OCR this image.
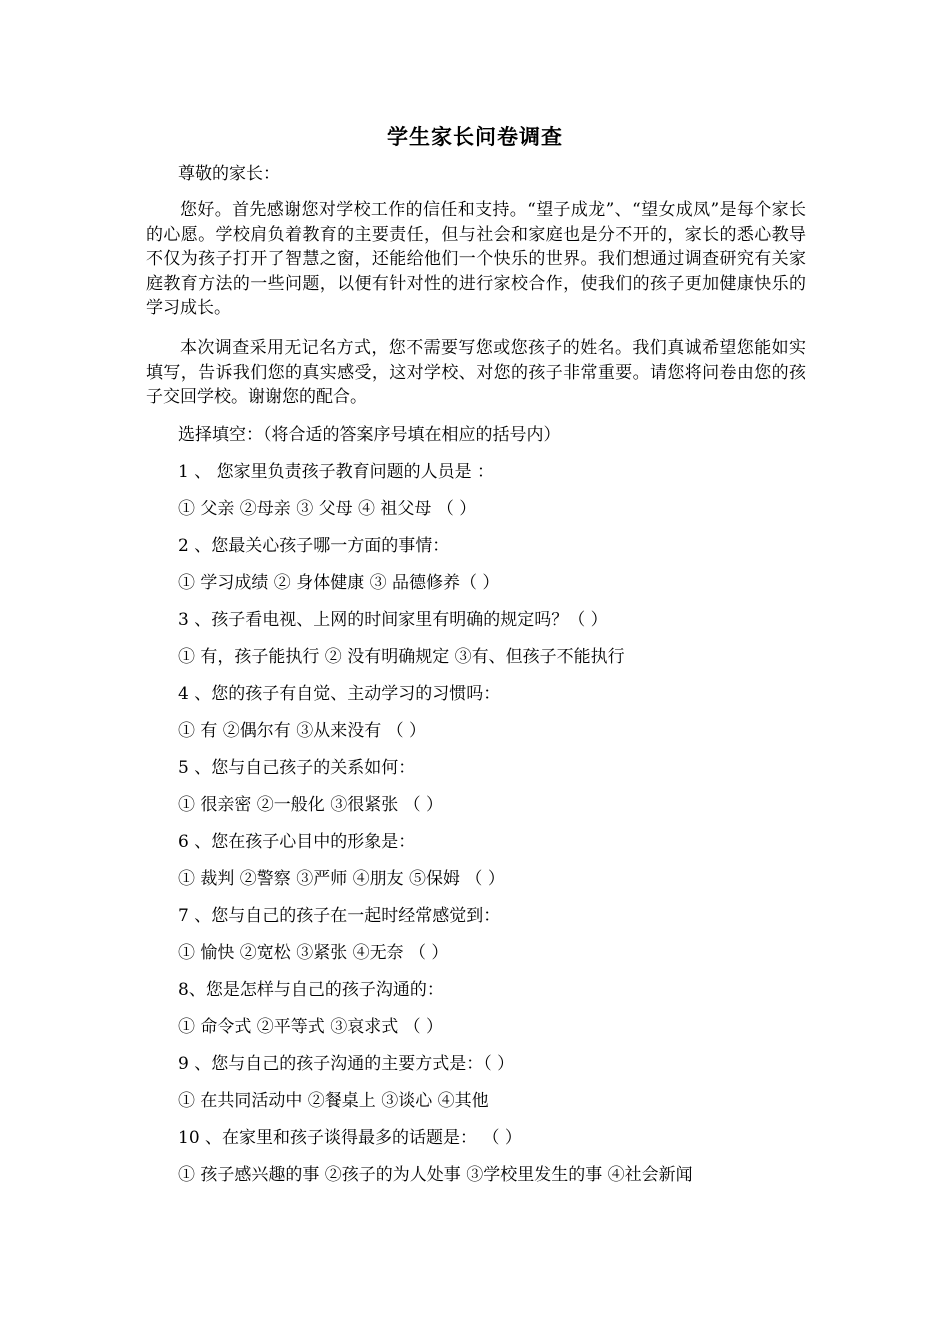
学生家长问卷调查
尊敬的家长：
您好。首先感谢您对学校工作的信任和支持。“望子成龙”、“望女成凤”是每个家长的心愿。学校肩负着教育的主要责任，但与社会和家庭也是分不开的，家长的悉心教导不仅为孩子打开了智慧之窗，还能给他们一个快乐的世界。我们想通过调查研究有关家庭教育方法的一些问题，以便有针对性的进行家校合作，使我们的孩子更加健康快乐的学习成长。
本次调查采用无记名方式，您不需要写您或您孩子的姓名。我们真诚希望您能如实填写，告诉我们您的真实感受，这对学校、对您的孩子非常重要。请您将问卷由您的孩子交回学校。谢谢您的配合。
选择填空：（将合适的答案序号填在相应的括号内）
1 、 您家里负责孩子教育问题的人员是 ：
① 父亲 ②母亲 ③ 父母 ④ 祖父母 （ ）
2 、您最关心孩子哪一方面的事情：
① 学习成绩 ② 身体健康 ③ 品德修养（ ）
3 、孩子看电视、上网的时间家里有明确的规定吗？（ ）
① 有，孩子能执行 ② 没有明确规定 ③有、但孩子不能执行
4 、您的孩子有自觉、主动学习的习惯吗：
① 有 ②偶尔有 ③从来没有 （ ）
5 、您与自己孩子的关系如何：
① 很亲密 ②一般化 ③很紧张 （ ）
6 、您在孩子心目中的形象是：
① 裁判 ②警察 ③严师 ④朋友 ⑤保姆 （ ）
7 、您与自己的孩子在一起时经常感觉到：
① 愉快 ②宽松 ③紧张 ④无奈 （ ）
8、您是怎样与自己的孩子沟通的：
① 命令式 ②平等式 ③哀求式 （ ）
9 、您与自己的孩子沟通的主要方式是：（ ）
① 在共同活动中 ②餐桌上 ③谈心 ④其他
10 、在家里和孩子谈得最多的话题是： （ ）
① 孩子感兴趣的事 ②孩子的为人处事 ③学校里发生的事 ④社会新闻
